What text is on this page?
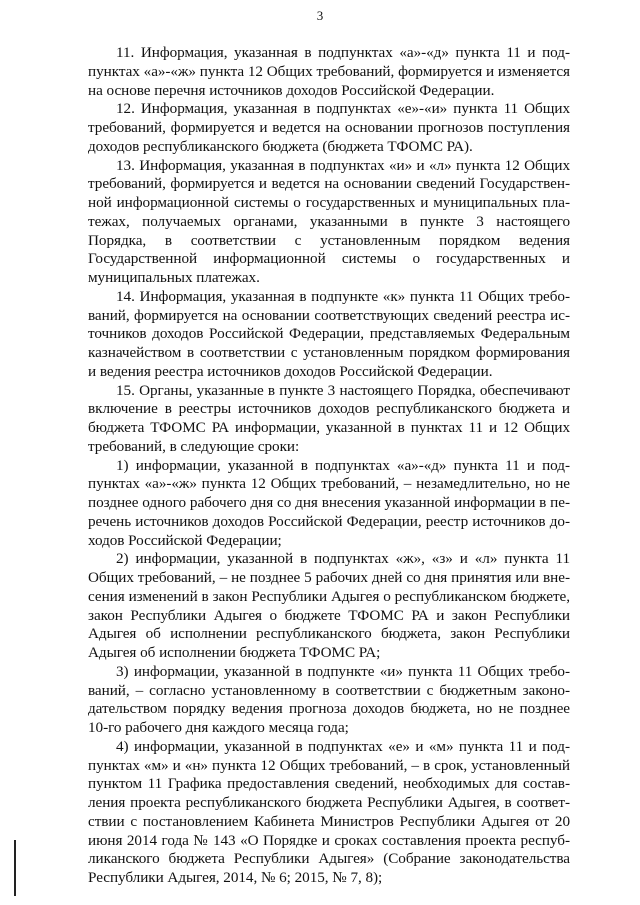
3

11. Информация, указанная в подпунктах «а»-«д» пункта 11 и подпунктах «а»-«ж» пункта 12 Общих требований, формируется и изменяется на основе перечня источников доходов Российской Федерации.

12. Информация, указанная в подпунктах «е»-«и» пункта 11 Общих требований, формируется и ведется на основании прогнозов поступления доходов республиканского бюджета (бюджета ТФОМС РА).

13. Информация, указанная в подпунктах «и» и «л» пункта 12 Общих требований, формируется и ведется на основании сведений Государственной информационной системы о государственных и муниципальных платежах, получаемых органами, указанными в пункте 3 настоящего Порядка, в соответствии с установленным порядком ведения Государственной информационной системы о государственных и муниципальных платежах.

14. Информация, указанная в подпункте «к» пункта 11 Общих требований, формируется на основании соответствующих сведений реестра источников доходов Российской Федерации, представляемых Федеральным казначейством в соответствии с установленным порядком формирования и ведения реестра источников доходов Российской Федерации.

15. Органы, указанные в пункте 3 настоящего Порядка, обеспечивают включение в реестры источников доходов республиканского бюджета и бюджета ТФОМС РА информации, указанной в пунктах 11 и 12 Общих требований, в следующие сроки:

1) информации, указанной в подпунктах «а»-«д» пункта 11 и подпунктах «а»-«ж» пункта 12 Общих требований, – незамедлительно, но не позднее одного рабочего дня со дня внесения указанной информации в перечень источников доходов Российской Федерации, реестр источников доходов Российской Федерации;

2) информации, указанной в подпунктах «ж», «з» и «л» пункта 11 Общих требований, – не позднее 5 рабочих дней со дня принятия или внесения изменений в закон Республики Адыгея о республиканском бюджете, закон Республики Адыгея о бюджете ТФОМС РА и закон Республики Адыгея об исполнении республиканского бюджета, закон Республики Адыгея об исполнении бюджета ТФОМС РА;

3) информации, указанной в подпункте «и» пункта 11 Общих требований, – согласно установленному в соответствии с бюджетным законодательством порядку ведения прогноза доходов бюджета, но не позднее 10-го рабочего дня каждого месяца года;

4) информации, указанной в подпунктах «е» и «м» пункта 11 и подпунктах «м» и «н» пункта 12 Общих требований, – в срок, установленный пунктом 11 Графика предоставления сведений, необходимых для составления проекта республиканского бюджета Республики Адыгея, в соответствии с постановлением Кабинета Министров Республики Адыгея от 20 июня 2014 года № 143 «О Порядке и сроках составления проекта республиканского бюджета Республики Адыгея» (Собрание законодательства Республики Адыгея, 2014, № 6; 2015, № 7, 8);
